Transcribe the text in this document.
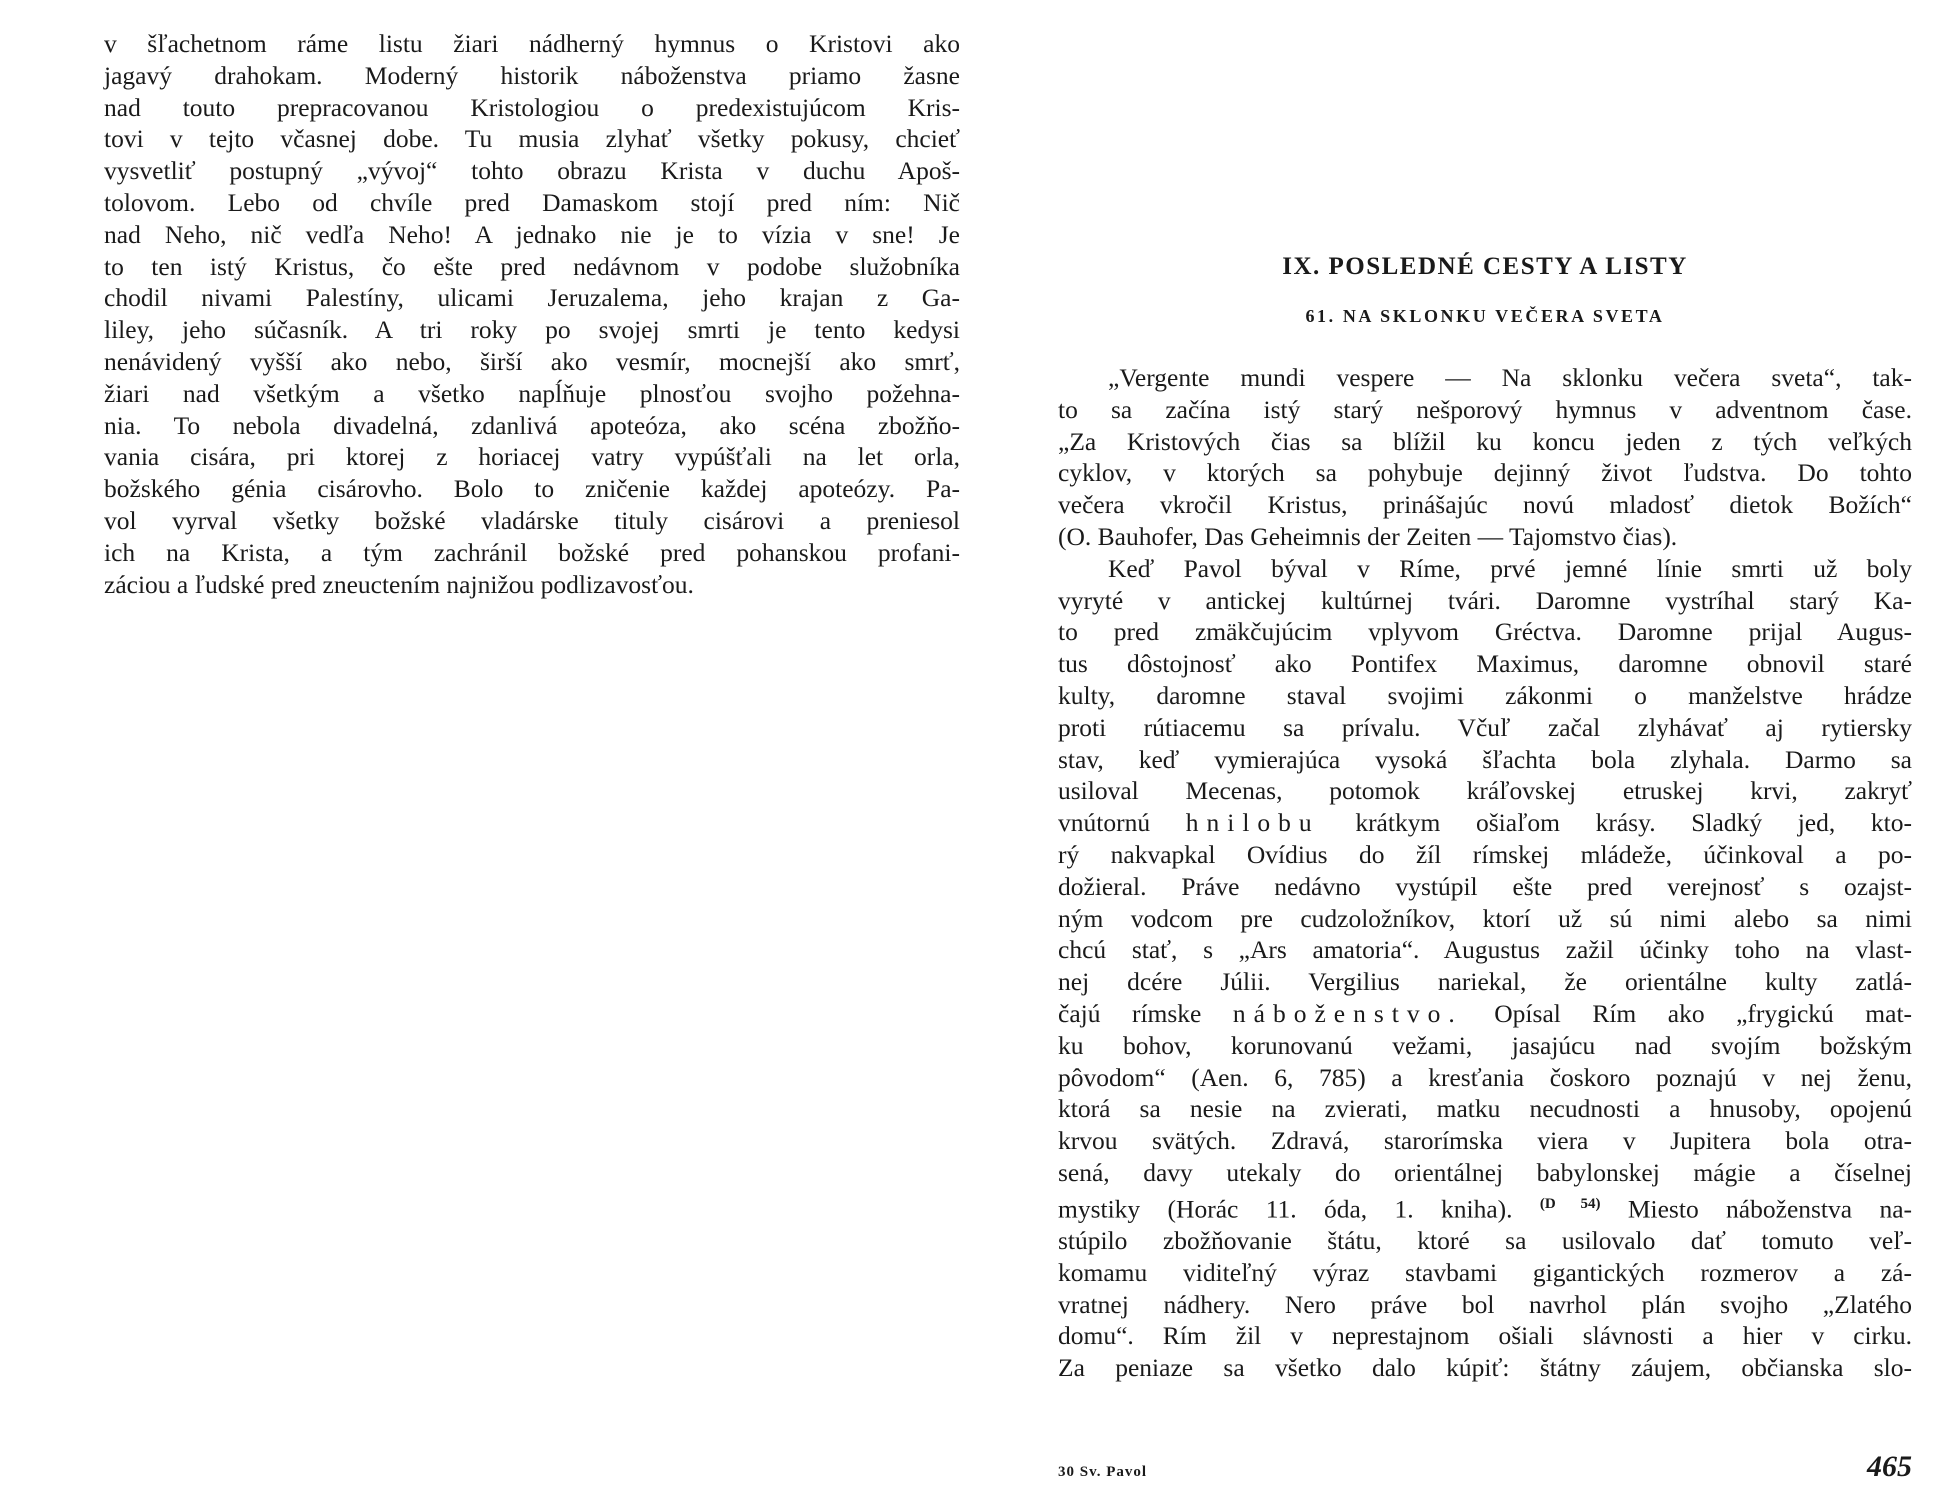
v šľachetnom ráme listu žiari nádherný hymnus o Kristovi ako
jagavý drahokam. Moderný historik náboženstva priamo žasne
nad touto prepracovanou Kristologiou o predexistujúcom Kris-
tovi v tejto včasnej dobe. Tu musia zlyhať všetky pokusy, chcieť
vysvetliť postupný „vývoj“ tohto obrazu Krista v duchu Apoš-
tolovom. Lebo od chvíle pred Damaskom stojí pred ním: Nič
nad Neho, nič vedľa Neho! A jednako nie je to vízia v sne! Je
to ten istý Kristus, čo ešte pred nedávnom v podobe služobníka
chodil nivami Palestíny, ulicami Jeruzalema, jeho krajan z Ga-
liley, jeho súčasník. A tri roky po svojej smrti je tento kedysi
nenávidený vyšší ako nebo, širší ako vesmír, mocnejší ako smrť,
žiari nad všetkým a všetko napĺňuje plnosťou svojho požehna-
nia. To nebola divadelná, zdanlivá apoteóza, ako scéna zbožňo-
vania cisára, pri ktorej z horiacej vatry vypúšťali na let orla,
božského génia cisárovho. Bolo to zničenie každej apoteózy. Pa-
vol vyrval všetky božské vladárske tituly cisárovi a preniesol
ich na Krista, a tým zachránil božské pred pohanskou profani-
záciou a ľudské pred zneuctením najnižou podlizavosťou.
IX. POSLEDNÉ CESTY A LISTY
61. NA SKLONKU VEČERA SVETA
„Vergente mundi vespere — Na sklonku večera sveta“, tak-
to sa začína istý starý nešporový hymnus v adventnom čase.
„Za Kristových čias sa blížil ku koncu jeden z tých veľkých
cyklov, v ktorých sa pohybuje dejinný život ľudstva. Do tohto
večera vkročil Kristus, prinášajúc novú mladosť dietok Božích“
(O. Bauhofer, Das Geheimnis der Zeiten — Tajomstvo čias).
Keď Pavol býval v Ríme, prvé jemné línie smrti už boly
vyryté v antickej kultúrnej tvári. Daromne vystríhal starý Ka-
to pred zmäkčujúcim vplyvom Gréctva. Daromne prijal Augus-
tus dôstojnosť ako Pontifex Maximus, daromne obnovil staré
kulty, daromne staval svojimi zákonmi o manželstve hrádze
proti rútiacemu sa prívalu. Včuľ začal zlyhávať aj rytiersky
stav, keď vymierajúca vysoká šľachta bola zlyhala. Darmo sa
usiloval Mecenas, potomok kráľovskej etruskej krvi, zakryť
vnútornú hnilobu krátkym ošiaľom krásy. Sladký jed, kto-
rý nakvapkal Ovídius do žíl rímskej mládeže, účinkoval a po-
dožieral. Práve nedávno vystúpil ešte pred verejnosť s ozajst-
ným vodcom pre cudzoložníkov, ktorí už sú nimi alebo sa nimi
chcú stať, s „Ars amatoria“. Augustus zažil účinky toho na vlast-
nej dcére Júlii. Vergilius nariekal, že orientálne kulty zatlá-
čajú rímske náboženstvo. Opísal Rím ako „frygickú mat-
ku bohov, korunovanú vežami, jasajúcu nad svojím božským
pôvodom“ (Aen. 6, 785) a kresťania čoskoro poznajú v nej ženu,
ktorá sa nesie na zvierati, matku necudnosti a hnusoby, opojenú
krvou svätých. Zdravá, starorímska viera v Jupitera bola otra-
sená, davy utekaly do orientálnej babylonskej mágie a číselnej
mystiky (Horác 11. óda, 1. kniha). $^{(D 54)}$ Miesto náboženstva na-
stúpilo zbožňovanie štátu, ktoré sa usilovalo dať tomuto veľ-
komamu viditeľný výraz stavbami gigantických rozmerov a zá-
vratnej nádhery. Nero práve bol navrhol plán svojho „Zlatého
domu“. Rím žil v neprestajnom ošiali slávnosti a hier v cirku.
Za peniaze sa všetko dalo kúpiť: štátny záujem, občianska slo-
30 Sv. Pavol	465
